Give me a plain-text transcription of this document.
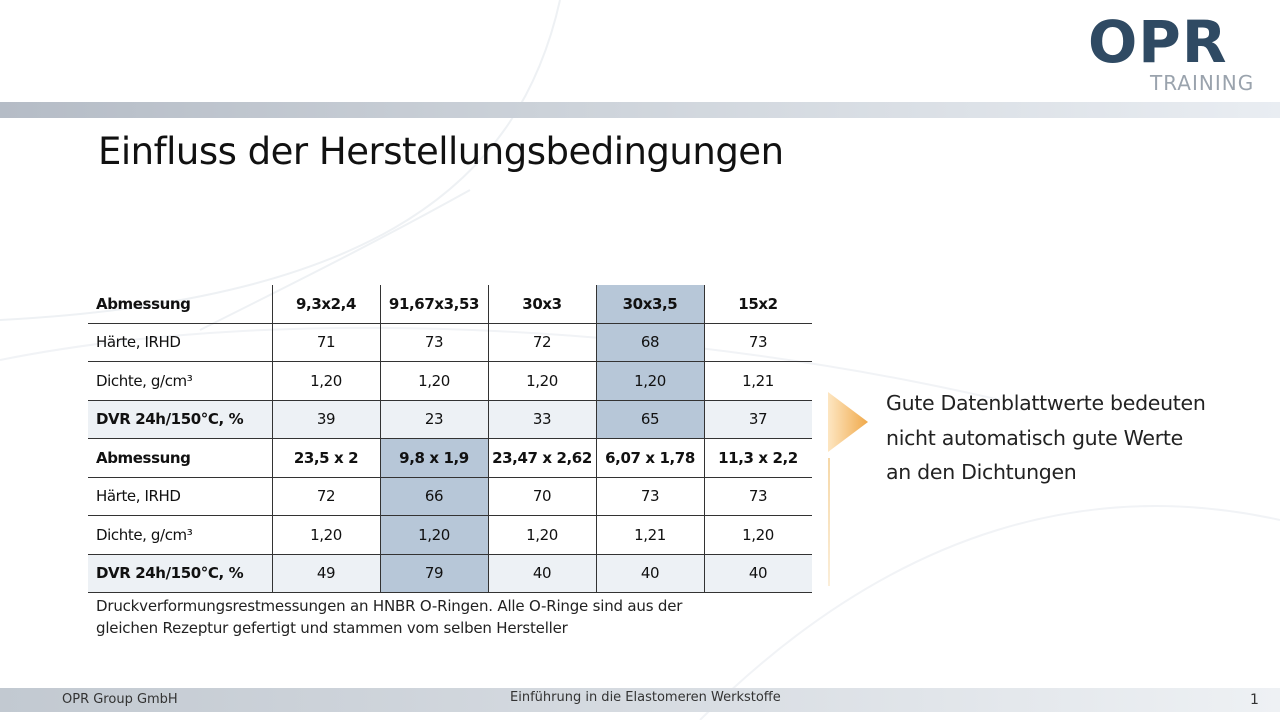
OPR
TRAINING
Einfluss der Herstellungsbedingungen
Abmessung	9,3x2,4	91,67x3,53	30x3	30x3,5	15x2
Härte, IRHD	71	73	72	68	73
Dichte, g/cm³	1,20	1,20	1,20	1,20	1,21
DVR 24h/150°C, %	39	23	33	65	37
Abmessung	23,5 x 2	9,8 x 1,9	23,47 x 2,62	6,07 x 1,78	11,3 x 2,2
Härte, IRHD	72	66	70	73	73
Dichte, g/cm³	1,20	1,20	1,20	1,21	1,20
DVR 24h/150°C, %	49	79	40	40	40
Druckverformungsrestmessungen an HNBR O-Ringen. Alle O-Ringe sind aus der
gleichen Rezeptur gefertigt und stammen vom selben Hersteller
Gute Datenblattwerte bedeuten
nicht automatisch gute Werte
an den Dichtungen
OPR Group GmbH	Einführung in die Elastomeren Werkstoffe	1
